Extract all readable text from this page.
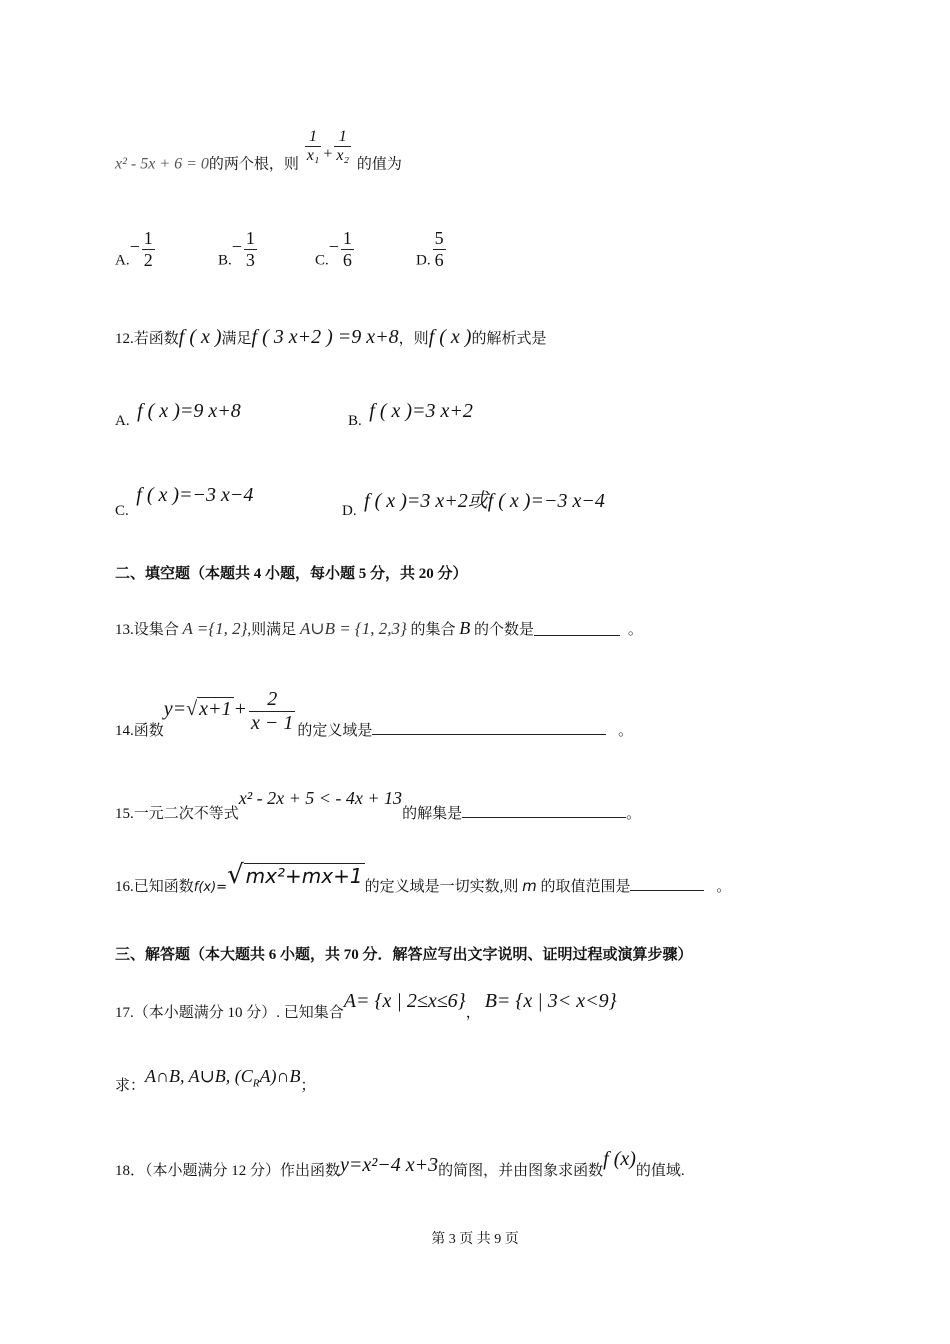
x² - 5x + 6 = 0的两个根，则 $\frac{1}{\text{x₁}} + \frac{1}{\text{x₂}}$ 的值为
$A.- \frac{1}{2}$	$B.- \frac{1}{3}$	$C.- \frac{1}{6}$	D. $\frac{5}{6}$
12.若函数f ( x )满足f ( 3 x+2 ) =9 x+8，则f ( x )的解析式是
A. f ( x )=9 x+8	B. f ( x )=3 x+2
C.  f ( x )=−3 x−4
D. f ( x )=3 x+2或f ( x )=−3 x−4
二、填空题（本题共 4 小题，每小题 5 分，共 20 分）
13.设集合 A ={1, 2},则满足 A∪B = {1, 2,3} 的集合 B 的个数是	。
14.函数y=√ $x+1 + \frac{2}{x - 1}$ 的定义域是	。
15.一元二次不等式x² - 2x + 5 < - 4x + 13的解集是	。
16.已知函数f(x)=√ mx²+mx+1 的定义域是一切实数,则 m 的取值范围是	。
三、解答题（本大题共 6 小题，共 70 分．解答应写出文字说明、证明过程或演算步骤）
17.（本小题满分 10 分）. 已知集合A= {x | 2≤x≤6}，B= {x | 3< x<9}
求：A∩B, A∪B, $(C_RA)\cap B$；
18．（本小题满分 12 分）作出函数y=x²−4 x+3的简图，并由图象求函数f (x)的值域.
第 3 页 共 9 页
